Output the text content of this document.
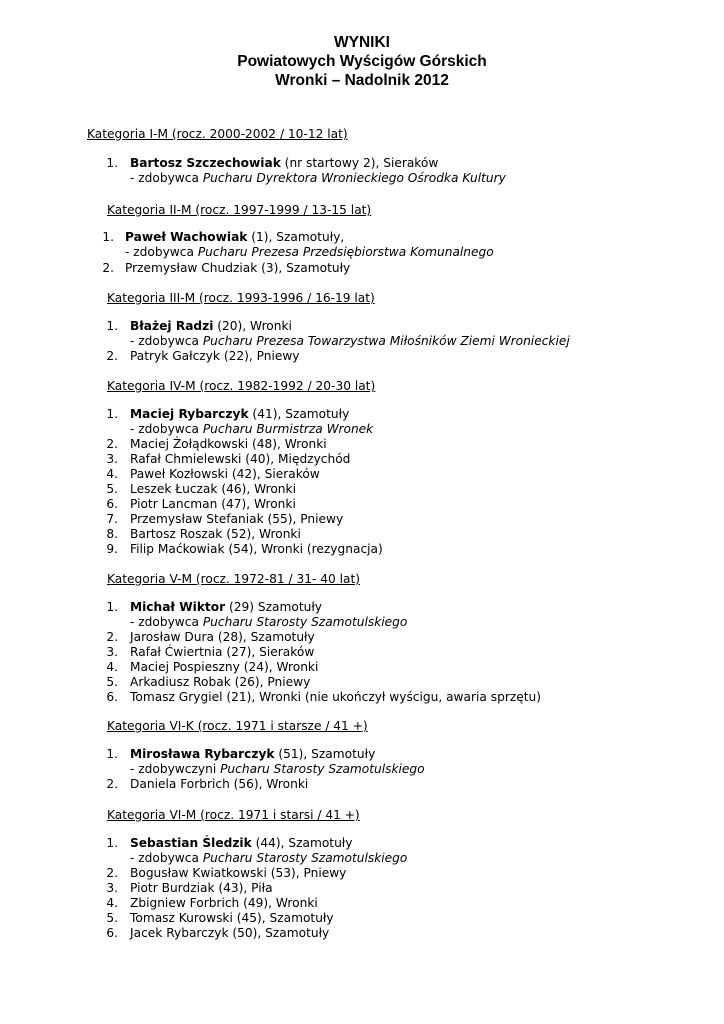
WYNIKI
Powiatowych Wyścigów Górskich
Wronki – Nadolnik 2012
Kategoria I-M (rocz. 2000-2002 / 10-12 lat)
1. Bartosz Szczechowiak (nr startowy 2), Sieraków
- zdobywca Pucharu Dyrektora Wronieckiego Ośrodka Kultury
Kategoria II-M (rocz. 1997-1999 / 13-15 lat)
1. Paweł Wachowiak (1), Szamotuły,
- zdobywca Pucharu Prezesa Przedsiębiorstwa Komunalnego
2. Przemysław Chudziak (3), Szamotuły
Kategoria III-M (rocz. 1993-1996 / 16-19 lat)
1. Błażej Radzi (20), Wronki
- zdobywca Pucharu Prezesa Towarzystwa Miłośników Ziemi Wronieckiej
2. Patryk Gałczyk (22), Pniewy
Kategoria IV-M (rocz. 1982-1992 / 20-30 lat)
1. Maciej Rybarczyk (41), Szamotuły
- zdobywca Pucharu Burmistrza Wronek
2. Maciej Żołądkowski (48), Wronki
3. Rafał Chmielewski (40), Międzychód
4. Paweł Kozłowski (42), Sieraków
5. Leszek Łuczak (46), Wronki
6. Piotr Lancman (47), Wronki
7. Przemysław Stefaniak (55), Pniewy
8. Bartosz Roszak (52), Wronki
9. Filip Maćkowiak (54), Wronki (rezygnacja)
Kategoria V-M (rocz. 1972-81 / 31- 40 lat)
1. Michał Wiktor (29) Szamotuły
- zdobywca Pucharu Starosty Szamotulskiego
2. Jarosław Dura (28), Szamotuły
3. Rafał Ćwiertnia (27), Sieraków
4. Maciej Pospieszny (24), Wronki
5. Arkadiusz Robak (26), Pniewy
6. Tomasz Grygiel (21), Wronki (nie ukończył wyścigu, awaria sprzętu)
Kategoria VI-K (rocz. 1971 i starsze / 41 +)
1. Mirosława Rybarczyk (51), Szamotuły
- zdobywczyni Pucharu Starosty Szamotulskiego
2. Daniela Forbrich (56), Wronki
Kategoria VI-M (rocz. 1971 i starsi / 41 +)
1. Sebastian Śledzik (44), Szamotuły
- zdobywca Pucharu Starosty Szamotulskiego
2. Bogusław Kwiatkowski (53), Pniewy
3. Piotr Burdziak (43), Piła
4. Zbigniew Forbrich (49), Wronki
5. Tomasz Kurowski (45), Szamotuły
6. Jacek Rybarczyk (50), Szamotuły
